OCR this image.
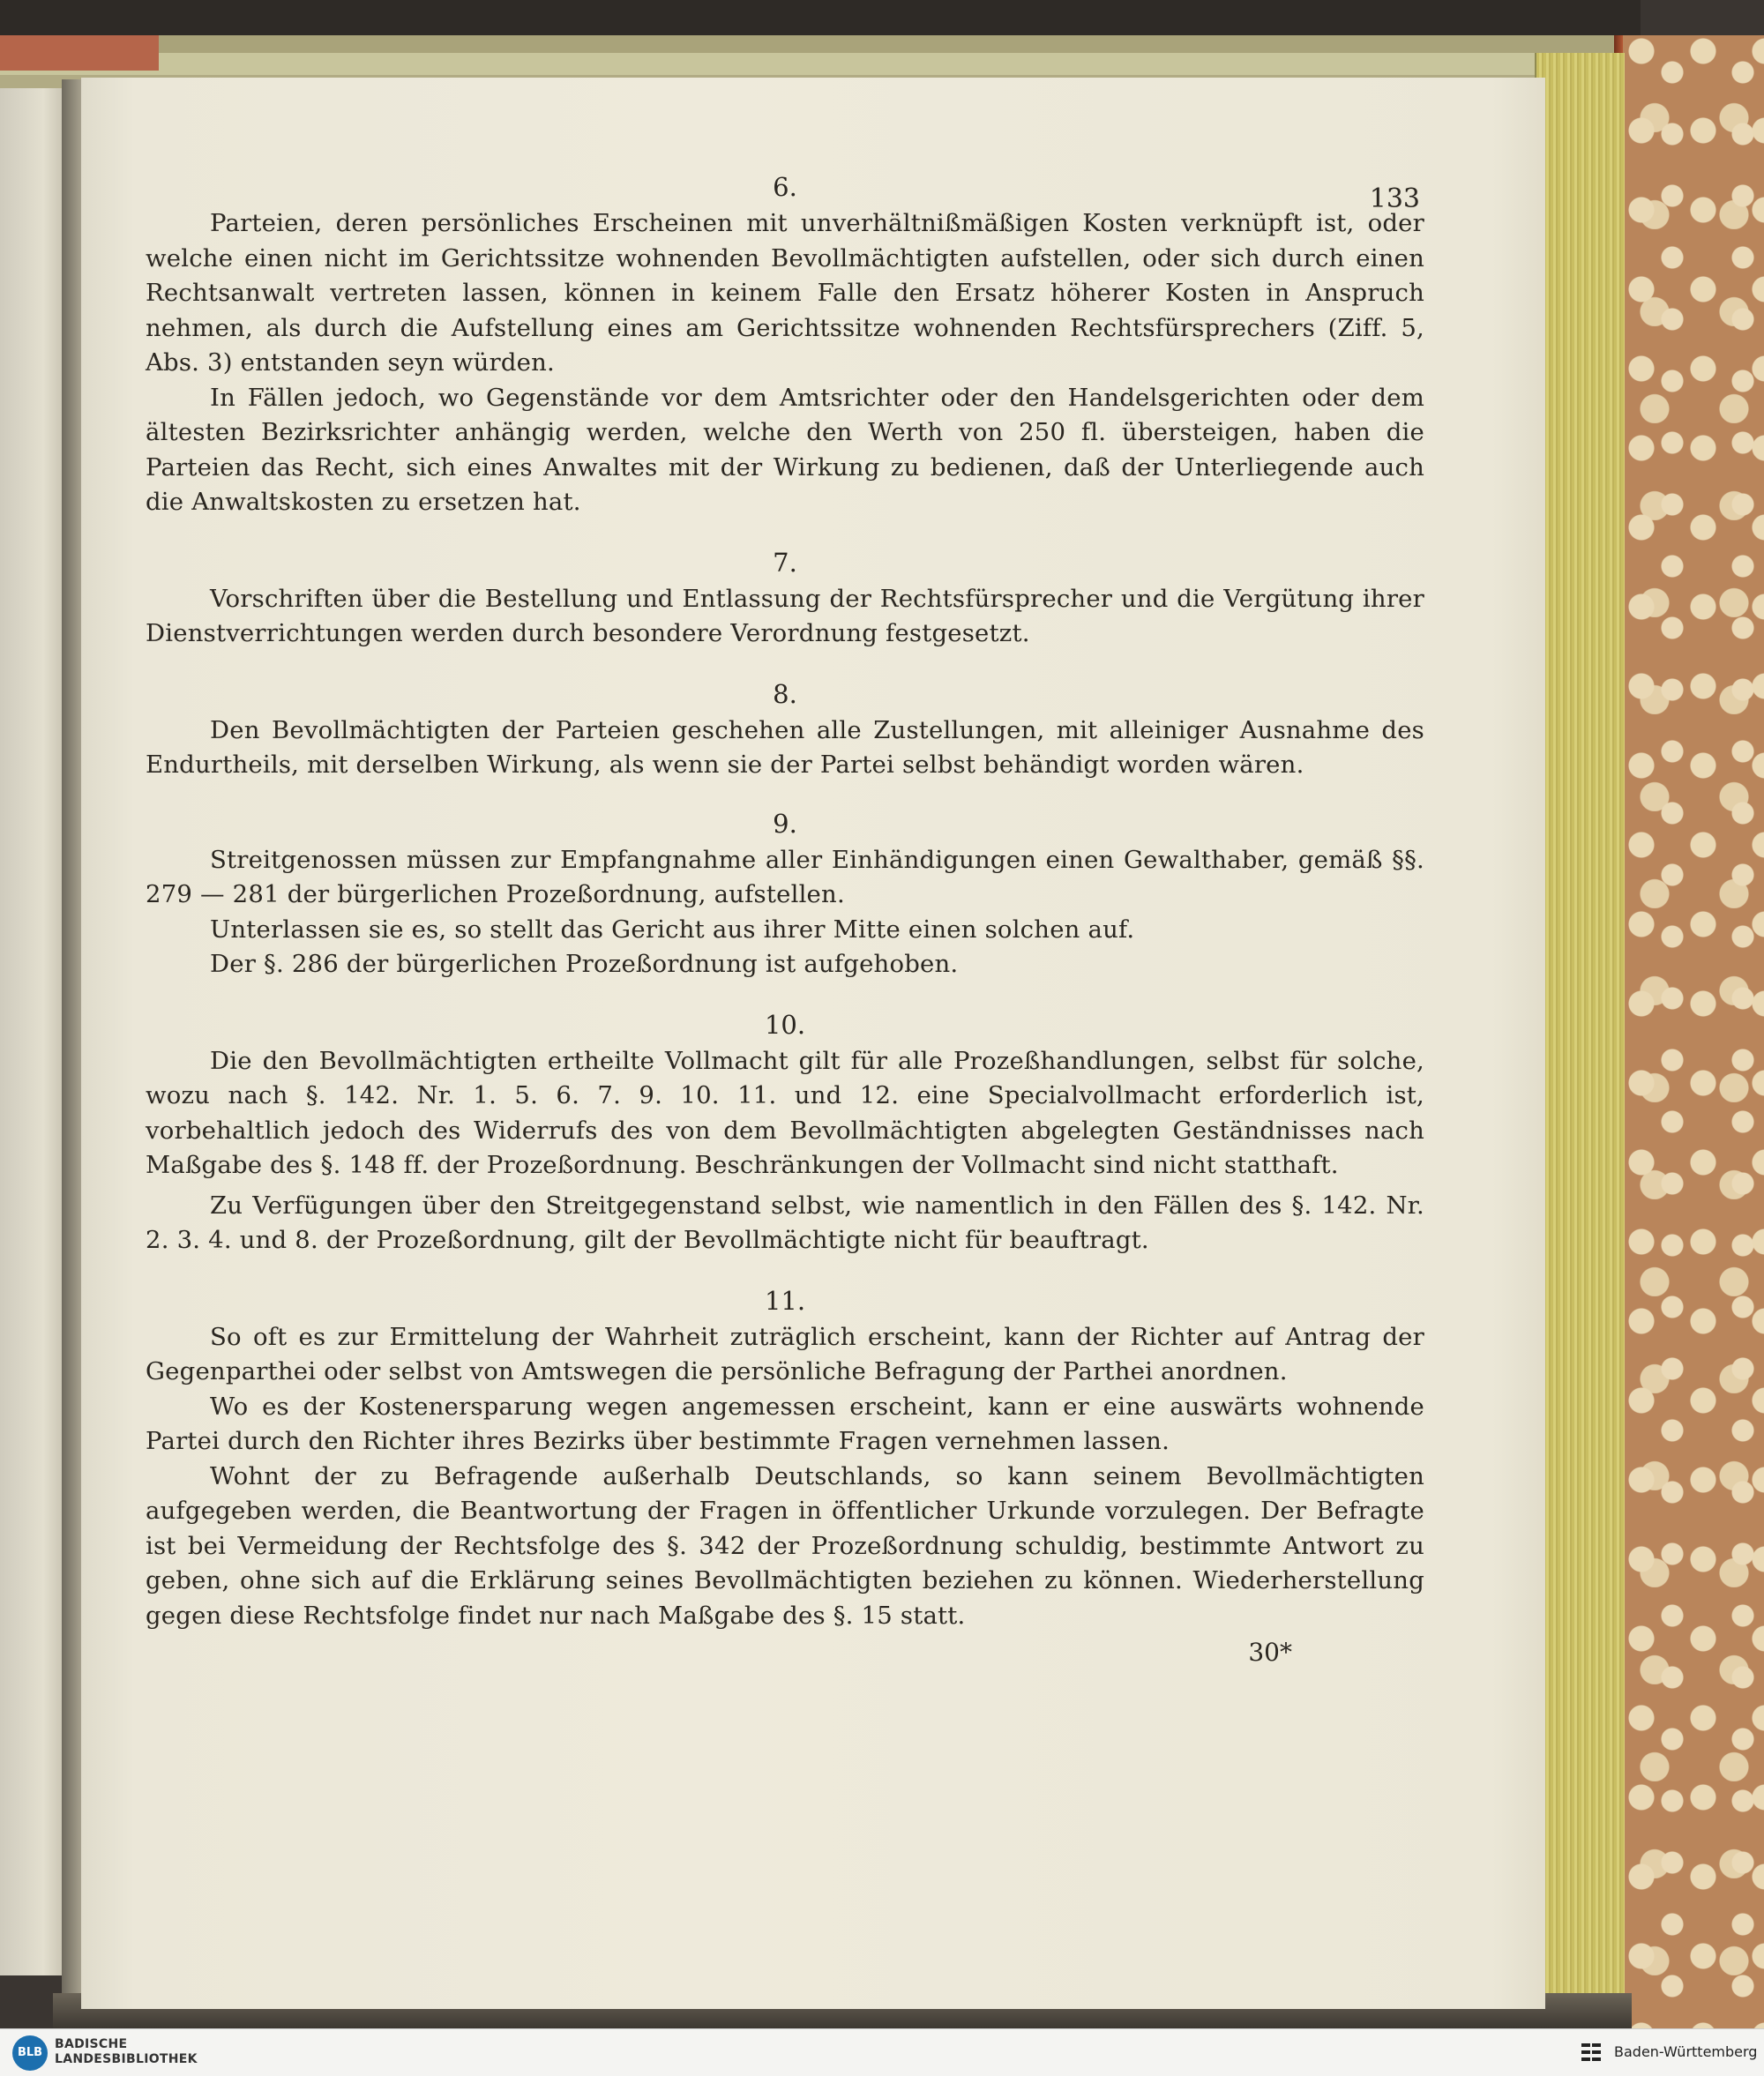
133

6.

Parteien, deren persönliches Erscheinen mit unverhältnißmäßigen Kosten verknüpft ist, oder welche einen nicht im Gerichtssitze wohnenden Bevollmächtigten aufstellen, oder sich durch einen Rechtsanwalt vertreten lassen, können in keinem Falle den Ersatz höherer Kosten in Anspruch nehmen, als durch die Aufstellung eines am Gerichtssitze wohnenden Rechtsfürsprechers (Ziff. 5, Abs. 3) entstanden seyn würden.

In Fällen jedoch, wo Gegenstände vor dem Amtsrichter oder den Handelsgerichten oder dem ältesten Bezirksrichter anhängig werden, welche den Werth von 250 fl. übersteigen, haben die Parteien das Recht, sich eines Anwaltes mit der Wirkung zu bedienen, daß der Unterliegende auch die Anwaltskosten zu ersetzen hat.

7.

Vorschriften über die Bestellung und Entlassung der Rechtsfürsprecher und die Vergütung ihrer Dienstverrichtungen werden durch besondere Verordnung festgesetzt.

8.

Den Bevollmächtigten der Parteien geschehen alle Zustellungen, mit alleiniger Ausnahme des Endurtheils, mit derselben Wirkung, als wenn sie der Partei selbst behändigt worden wären.

9.

Streitgenossen müssen zur Empfangnahme aller Einhändigungen einen Gewalthaber, gemäß §§. 279 — 281 der bürgerlichen Prozeßordnung, aufstellen.

Unterlassen sie es, so stellt das Gericht aus ihrer Mitte einen solchen auf.

Der §. 286 der bürgerlichen Prozeßordnung ist aufgehoben.

10.

Die den Bevollmächtigten ertheilte Vollmacht gilt für alle Prozeßhandlungen, selbst für solche, wozu nach §. 142. Nr. 1. 5. 6. 7. 9. 10. 11. und 12. eine Specialvollmacht erforderlich ist, vorbehaltlich jedoch des Widerrufs des von dem Bevollmächtigten abgelegten Geständnisses nach Maßgabe des §. 148 ff. der Prozeßordnung. Beschränkungen der Vollmacht sind nicht statthaft.

Zu Verfügungen über den Streitgegenstand selbst, wie namentlich in den Fällen des §. 142. Nr. 2. 3. 4. und 8. der Prozeßordnung, gilt der Bevollmächtigte nicht für beauftragt.

11.

So oft es zur Ermittelung der Wahrheit zuträglich erscheint, kann der Richter auf Antrag der Gegenpartheі oder selbst von Amtswegen die persönliche Befragung der Partheі anordnen.

Wo es der Kostenersparung wegen angemessen erscheint, kann er eine auswärts wohnende Partei durch den Richter ihres Bezirks über bestimmte Fragen vernehmen lassen.

Wohnt der zu Befragende außerhalb Deutschlands, so kann seinem Bevollmächtigten aufgegeben werden, die Beantwortung der Fragen in öffentlicher Urkunde vorzulegen. Der Befragte ist bei Vermeidung der Rechtsfolge des §. 342 der Prozeßordnung schuldig, bestimmte Antwort zu geben, ohne sich auf die Erklärung seines Bevollmächtigten beziehen zu können. Wiederherstellung gegen diese Rechtsfolge findet nur nach Maßgabe des §. 15 statt.

30*

BLB
BADISCHE
LANDESBIBLIOTHEK	Baden-Württemberg
